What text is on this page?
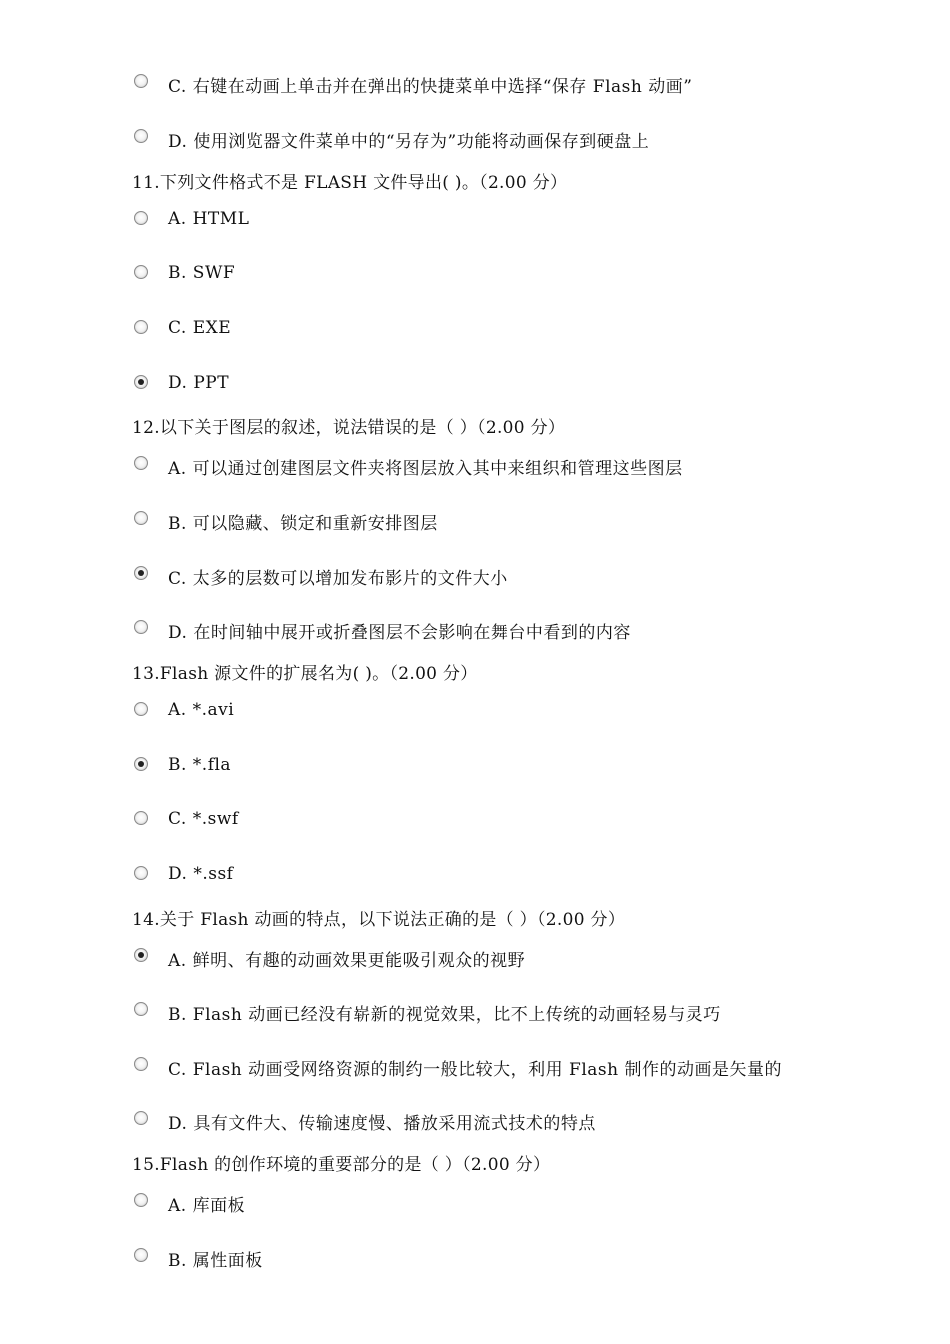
C. 右键在动画上单击并在弹出的快捷菜单中选择“保存 Flash 动画”
D. 使用浏览器文件菜单中的“另存为”功能将动画保存到硬盘上
11.下列文件格式不是 FLASH 文件导出( )。（2.00 分）
A. HTML
B. SWF
C. EXE
D. PPT
12.以下关于图层的叙述，说法错误的是（ ）（2.00 分）
A. 可以通过创建图层文件夹将图层放入其中来组织和管理这些图层
B. 可以隐藏、锁定和重新安排图层
C. 太多的层数可以增加发布影片的文件大小
D. 在时间轴中展开或折叠图层不会影响在舞台中看到的内容
13.Flash 源文件的扩展名为( )。（2.00 分）
A. *.avi
B. *.fla
C. *.swf
D. *.ssf
14.关于 Flash 动画的特点，以下说法正确的是（ ）（2.00 分）
A. 鲜明、有趣的动画效果更能吸引观众的视野
B. Flash 动画已经没有崭新的视觉效果，比不上传统的动画轻易与灵巧
C. Flash 动画受网络资源的制约一般比较大，利用 Flash 制作的动画是矢量的
D. 具有文件大、传输速度慢、播放采用流式技术的特点
15.Flash 的创作环境的重要部分的是（ ）（2.00 分）
A. 库面板
B. 属性面板
